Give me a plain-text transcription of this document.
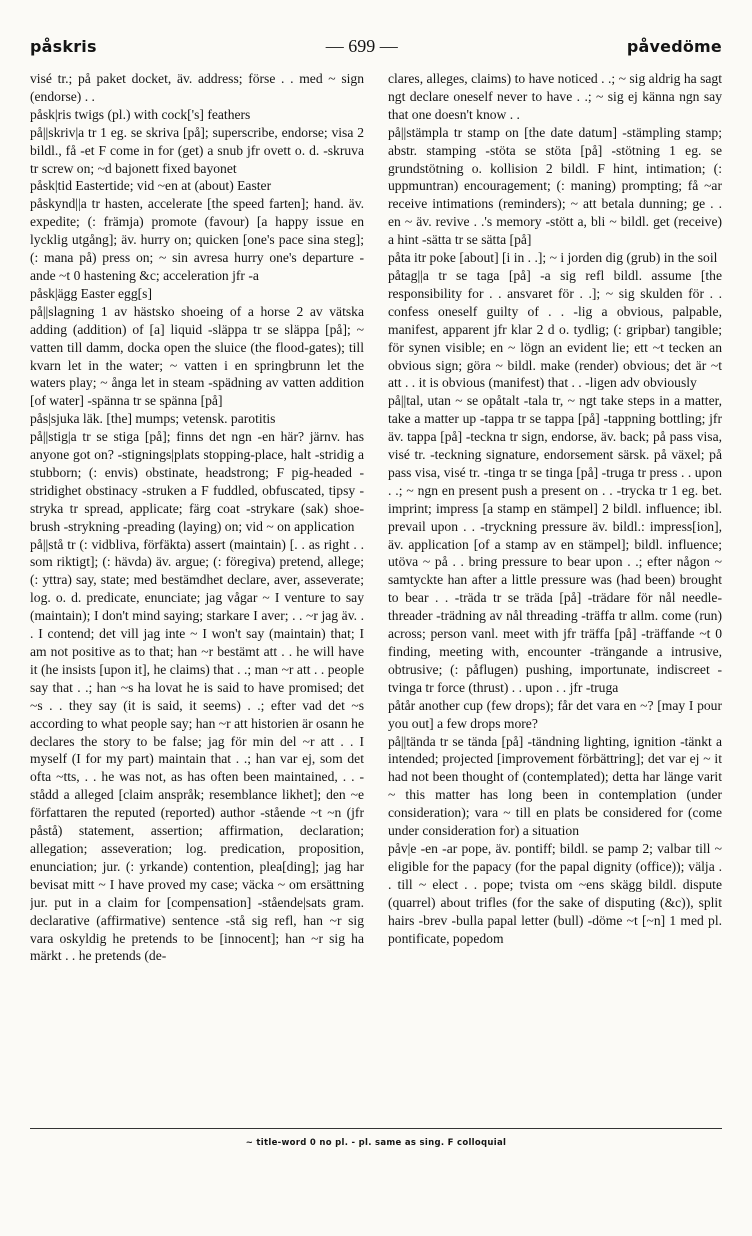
påskris	— 699 —	påvedöme

visé tr.; på paket docket, äv. address; förse . . med ~ sign (endorse) . .

påsk|ris twigs (pl.) with cock['s] feathers

på||skriv|a tr 1 eg. se skriva [på]; superscribe, endorse; visa 2 bildl., få -et F come in for (get) a snub jfr ovett o. d. -skruva tr screw on; ~d bajonett fixed bayonet

påsk|tid Eastertide; vid ~en at (about) Easter

påskynd||a tr hasten, accelerate [the speed farten]; hand. äv. expedite; (: främja) promote (favour) [a happy issue en lycklig utgång]; äv. hurry on; quicken [one's pace sina steg]; (: mana på) press on; ~ sin avresa hurry one's departure -ande ~t 0 hastening &c; acceleration jfr -a

påsk|ägg Easter egg[s]

på||slagning 1 av hästsko shoeing of a horse 2 av vätska adding (addition) of [a] liquid -släppa tr se släppa [på]; ~ vatten till damm, docka open the sluice (the flood-gates); till kvarn let in the water; ~ vatten i en springbrunn let the waters play; ~ ånga let in steam -spädning av vatten addition [of water] -spänna tr se spänna [på]

pås|sjuka läk. [the] mumps; vetensk. parotitis

på||stig|a tr se stiga [på]; finns det ngn -en här? järnv. has anyone got on? -stignings|plats stopping-place, halt -stridig a stubborn; (: envis) obstinate, headstrong; F pig-headed -stridighet obstinacy -struken a F fuddled, obfuscated, tipsy -stryka tr spread, applicate; färg coat -strykare (sak) shoe-brush -strykning -preading (laying) on; vid ~ on application

på||stå tr (: vidbliva, förfäkta) assert (maintain) [. . as right . . som riktigt]; (: hävda) äv. argue; (: föregiva) pretend, allege; (: yttra) say, state; med bestämdhet declare, aver, asseverate; log. o. d. predicate, enunciate; jag vågar ~ I venture to say (maintain); I don't mind saying; starkare I aver; . . ~r jag äv. . . I contend; det vill jag inte ~ I won't say (maintain) that; I am not positive as to that; han ~r bestämt att . . he will have it (he insists [upon it], he claims) that . .; man ~r att . . people say that . .; han ~s ha lovat he is said to have promised; det ~s . . they say (it is said, it seems) . .; efter vad det ~s according to what people say; han ~r att historien är osann he declares the story to be false; jag för min del ~r att . . I myself (I for my part) maintain that . .; han var ej, som det ofta ~tts, . . he was not, as has often been maintained, . . -stådd a alleged [claim anspråk; resemblance likhet]; den ~e författaren the reputed (reported) author -stående ~t ~n (jfr påstå) statement, assertion; affirmation, declaration; allegation; asseveration; log. predication, proposition, enunciation; jur. (: yrkande) contention, plea[ding]; jag har bevisat mitt ~ I have proved my case; väcka ~ om ersättning jur. put in a claim for [compensation] -stående|sats gram. declarative (affirmative) sentence -stå sig refl, han ~r sig vara oskyldig he pretends to be [innocent]; han ~r sig ha märkt . . he pretends (de-

clares, alleges, claims) to have noticed . .; ~ sig aldrig ha sagt ngt declare oneself never to have . .; ~ sig ej känna ngn say that one doesn't know . .

på||stämpla tr stamp on [the date datum] -stämpling stamp; abstr. stamping -stöta se stöta [på] -stötning 1 eg. se grundstötning o. kollision 2 bildl. F hint, intimation; (: uppmuntran) encouragement; (: maning) prompting; få ~ar receive intimations (reminders); ~ att betala dunning; ge . . en ~ äv. revive . .'s memory -stött a, bli ~ bildl. get (receive) a hint -sätta tr se sätta [på]

påta itr poke [about] [i in . .]; ~ i jorden dig (grub) in the soil

påtag||a tr se taga [på] -a sig refl bildl. assume [the responsibility for . . ansvaret för . .]; ~ sig skulden för . . confess oneself guilty of . . -lig a obvious, palpable, manifest, apparent jfr klar 2 d o. tydlig; (: gripbar) tangible; för synen visible; en ~ lögn an evident lie; ett ~t tecken an obvious sign; göra ~ bildl. make (render) obvious; det är ~t att . . it is obvious (manifest) that . . -ligen adv obviously

på||tal, utan ~ se opåtalt -tala tr, ~ ngt take steps in a matter, take a matter up -tappa tr se tappa [på] -tappning bottling; jfr äv. tappa [på] -teckna tr sign, endorse, äv. back; på pass visa, visé tr. -teckning signature, endorsement särsk. på växel; på pass visa, visé tr. -tinga tr se tinga [på] -truga tr press . . upon . .; ~ ngn en present push a present on . . -trycka tr 1 eg. bet. imprint; impress [a stamp en stämpel] 2 bildl. influence; ibl. prevail upon . . -tryckning pressure äv. bildl.: impress[ion], äv. application [of a stamp av en stämpel]; bildl. influence; utöva ~ på . . bring pressure to bear upon . .; efter någon ~ samtyckte han after a little pressure was (had been) brought to bear . . -träda tr se träda [på] -trädare för nål needle-threader -trädning av nål threading -träffa tr allm. come (run) across; person vanl. meet with jfr träffa [på] -träffande ~t 0 finding, meeting with, encounter -trängande a intrusive, obtrusive; (: påflugen) pushing, importunate, indiscreet -tvinga tr force (thrust) . . upon . . jfr -truga

påtår another cup (few drops); får det vara en ~? [may I pour you out] a few drops more?

på||tända tr se tända [på] -tändning lighting, ignition -tänkt a intended; projected [improvement förbättring]; det var ej ~ it had not been thought of (contemplated); detta har länge varit ~ this matter has long been in contemplation (under consideration); vara ~ till en plats be considered for (come under consideration for) a situation

påv|e -en -ar pope, äv. pontiff; bildl. se pamp 2; valbar till ~ eligible for the papacy (for the papal dignity (office)); välja . . till ~ elect . . pope; tvista om ~ens skägg bildl. dispute (quarrel) about trifles (for the sake of disputing (&c)), split hairs -brev -bulla papal letter (bull) -döme ~t [~n] 1 med pl. pontificate, popedom

~ title-word 0 no pl. - pl. same as sing. F colloquial
